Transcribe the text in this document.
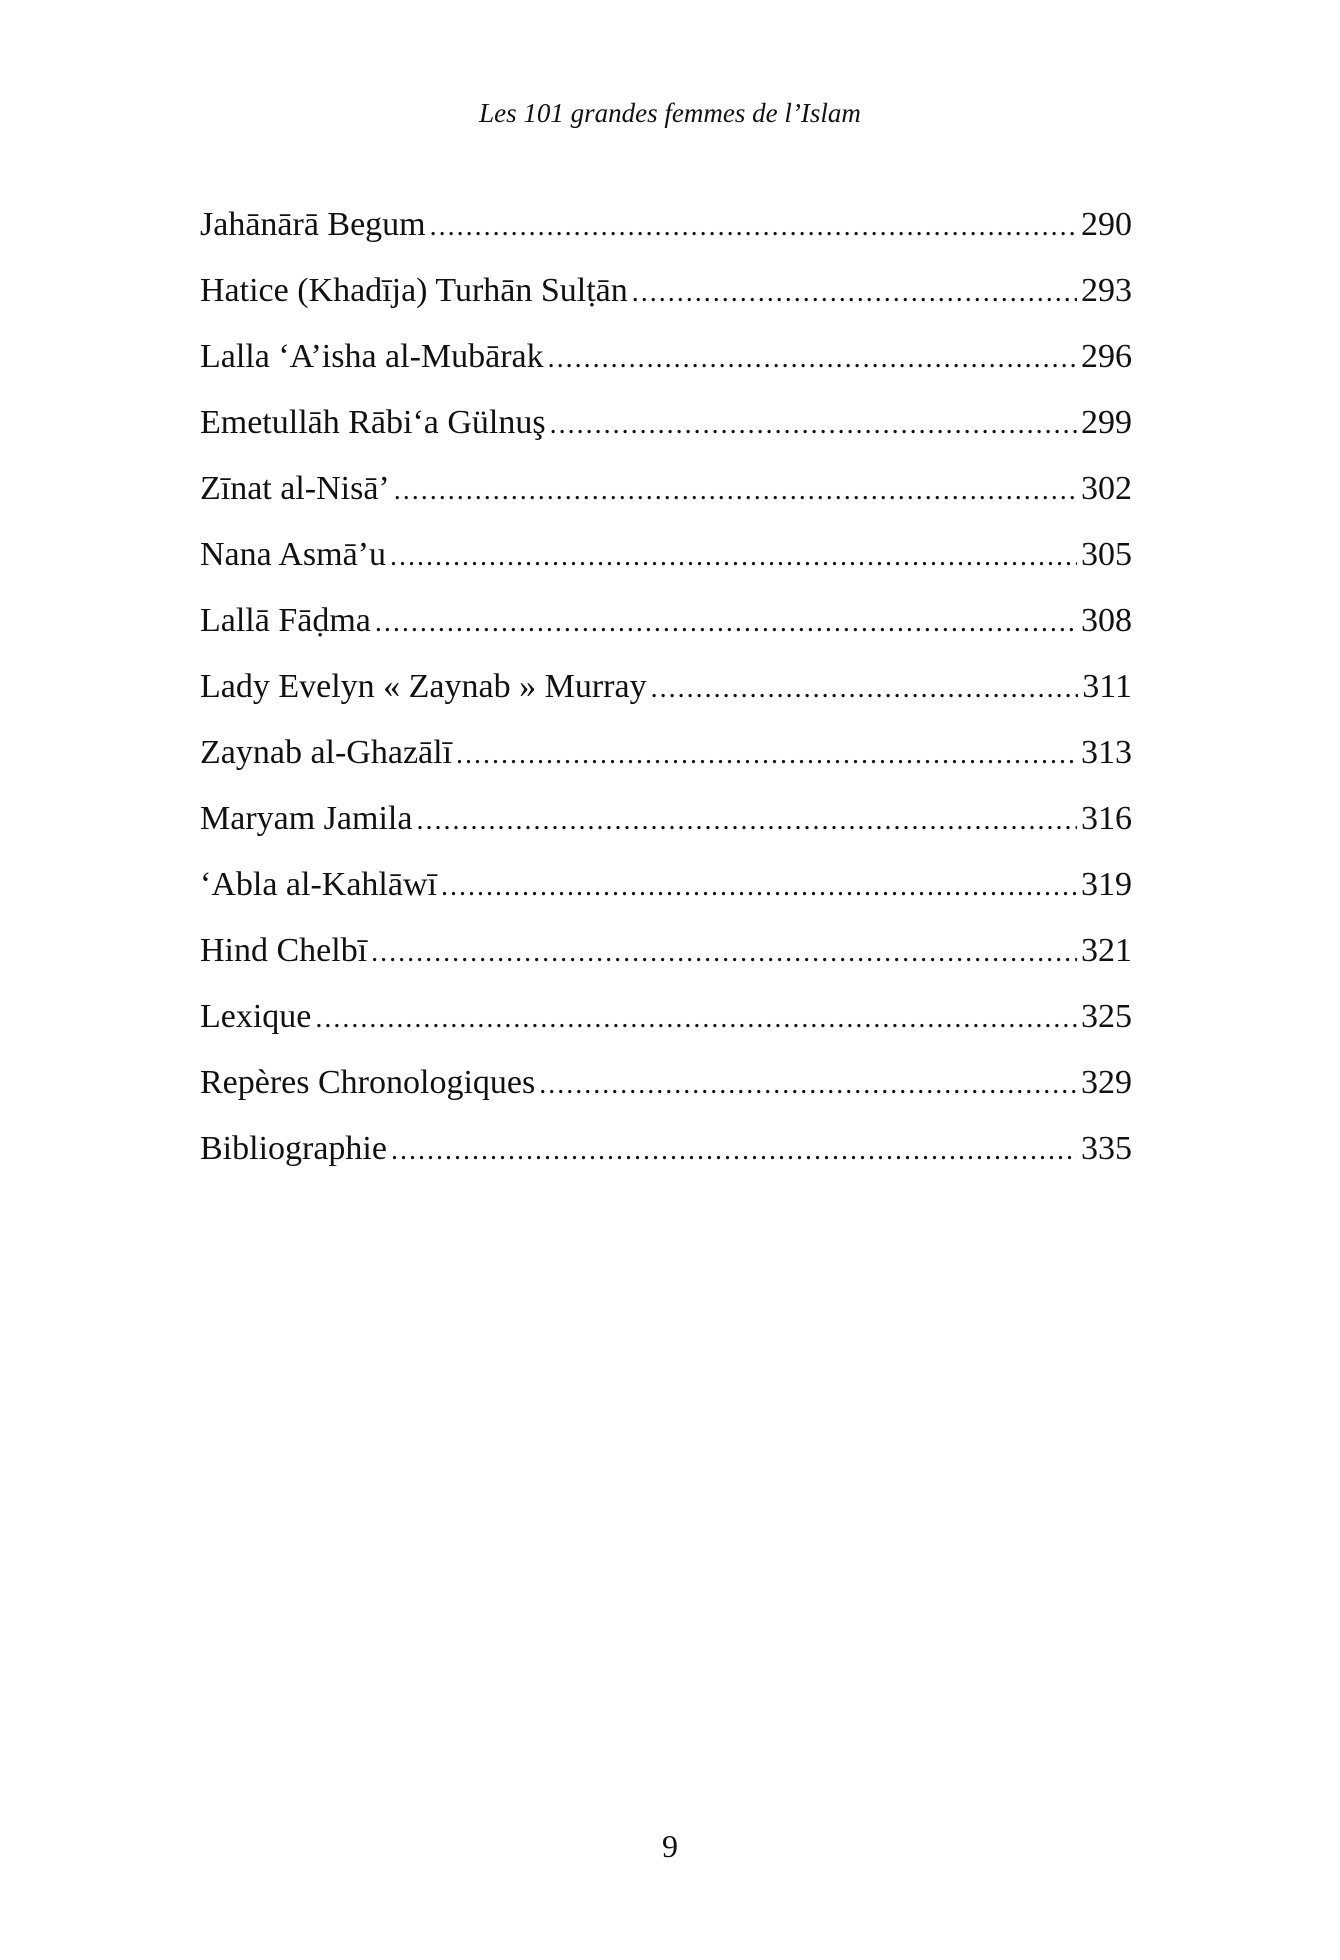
Les 101 grandes femmes de l’Islam
Jahānārā Begum .....	290
Hatice (Khadīja) Turhān Sulṭān .....	293
Lalla ‘A’isha al-Mubārak .....	296
Emetullāh Rābi‘a Gülnuş .....	299
Zīnat al-Nisā’ .....	302
Nana Asmā’u .....	305
Lallā Fāḍma .....	308
Lady Evelyn « Zaynab » Murray .....	311
Zaynab al-Ghazālī .....	313
Maryam Jamila .....	316
‘Abla al-Kahlāwī .....	319
Hind Chelbī .....	321
Lexique .....	325
Repères Chronologiques .....	329
Bibliographie .....	335
9
